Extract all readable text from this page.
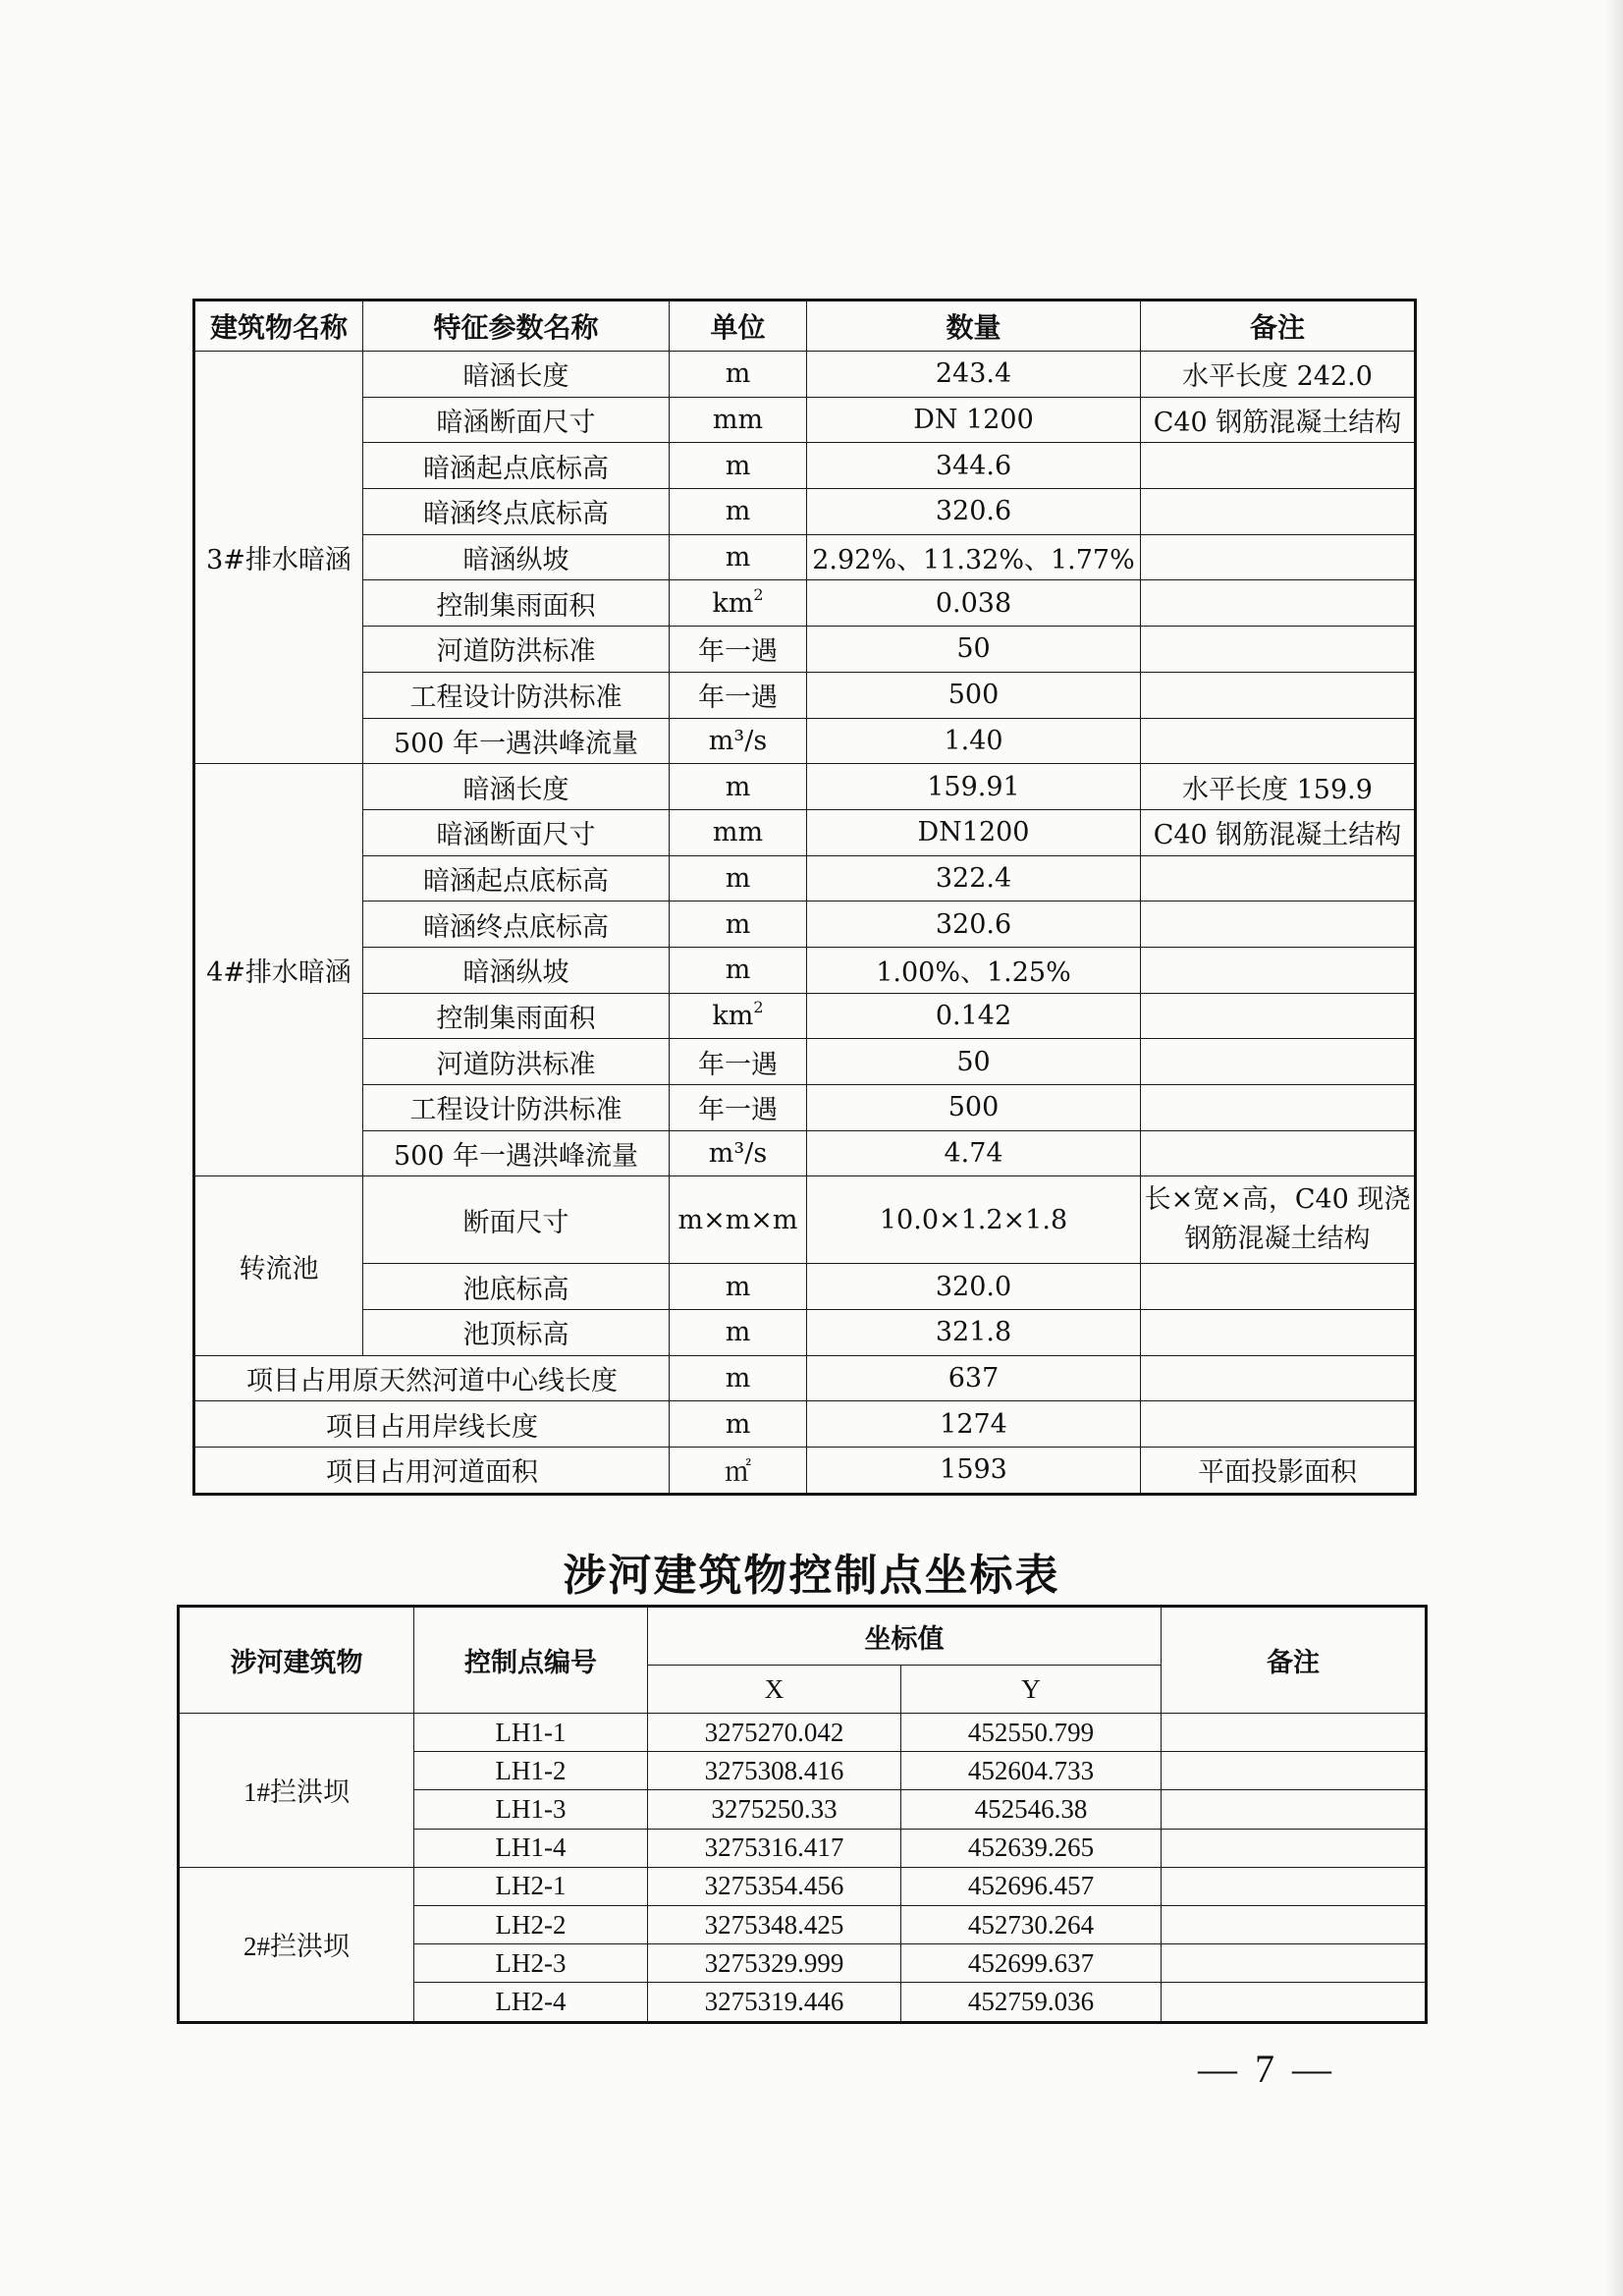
建筑物名称	特征参数名称	单位	数量	备注
3#排水暗涵	暗涵长度	m	243.4	水平长度 242.0
	暗涵断面尺寸	mm	DN 1200	C40 钢筋混凝土结构
	暗涵起点底标高	m	344.6	
	暗涵终点底标高	m	320.6	
	暗涵纵坡	m	2.92%、11.32%、1.77%	
	控制集雨面积	$km^2$	0.038	
	河道防洪标准	年一遇	50	
	工程设计防洪标准	年一遇	500	
	500 年一遇洪峰流量	m³/s	1.40	
4#排水暗涵	暗涵长度	m	159.91	水平长度 159.9
	暗涵断面尺寸	mm	DN1200	C40 钢筋混凝土结构
	暗涵起点底标高	m	322.4	
	暗涵终点底标高	m	320.6	
	暗涵纵坡	m	1.00%、1.25%	
	控制集雨面积	$km^2$	0.142	
	河道防洪标准	年一遇	50	
	工程设计防洪标准	年一遇	500	
	500 年一遇洪峰流量	m³/s	4.74	
转流池	断面尺寸	m×m×m	10.0×1.2×1.8	长×宽×高，C40 现浇
钢筋混凝土结构

	池底标高	m	320.0	
	池顶标高	m	321.8	
项目占用原天然河道中心线长度		m	637	
项目占用岸线长度		m	1274	
项目占用河道面积		㎡	1593	平面投影面积
涉河建筑物控制点坐标表
涉河建筑物	控制点编号	坐标值		备注
		X	Y	
1#拦洪坝	LH1-1	3275270.042	452550.799	
	LH1-2	3275308.416	452604.733	
	LH1-3	3275250.33	452546.38	
	LH1-4	3275316.417	452639.265	
2#拦洪坝	LH2-1	3275354.456	452696.457	
	LH2-2	3275348.425	452730.264	
	LH2-3	3275329.999	452699.637	
	LH2-4	3275319.446	452759.036	
— 7 —
